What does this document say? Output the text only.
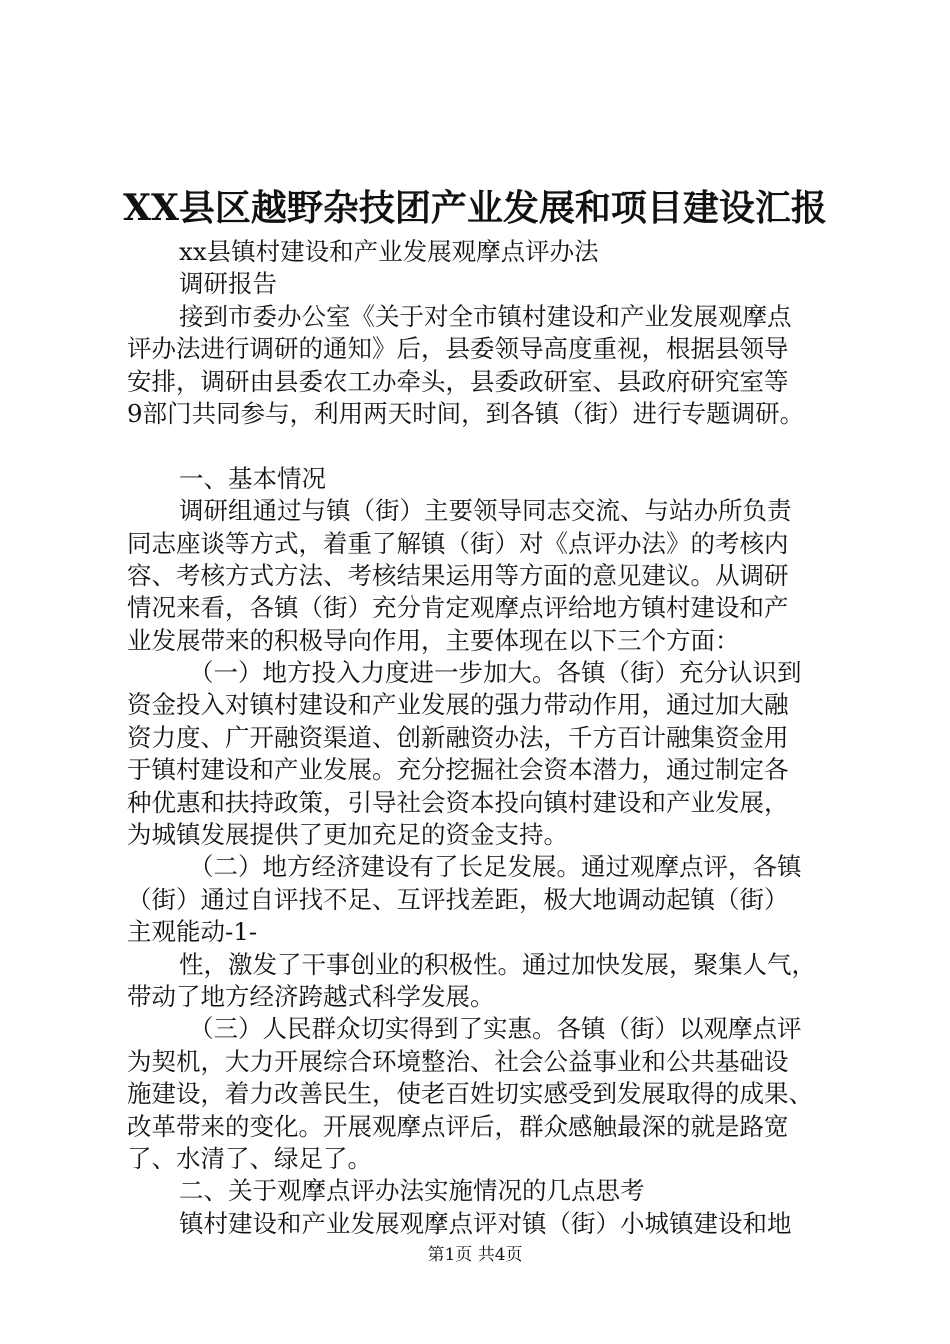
XX县区越野杂技团产业发展和项目建设汇报
xx县镇村建设和产业发展观摩点评办法
调研报告
接到市委办公室《关于对全市镇村建设和产业发展观摩点
评办法进行调研的通知》后，县委领导高度重视，根据县领导
安排，调研由县委农工办牵头，县委政研室、县政府研究室等
9部门共同参与，利用两天时间，到各镇（街）进行专题调研。
一、基本情况
调研组通过与镇（街）主要领导同志交流、与站办所负责
同志座谈等方式，着重了解镇（街）对《点评办法》的考核内
容、考核方式方法、考核结果运用等方面的意见建议。从调研
情况来看，各镇（街）充分肯定观摩点评给地方镇村建设和产
业发展带来的积极导向作用，主要体现在以下三个方面：
（一）地方投入力度进一步加大。各镇（街）充分认识到
资金投入对镇村建设和产业发展的强力带动作用，通过加大融
资力度、广开融资渠道、创新融资办法，千方百计融集资金用
于镇村建设和产业发展。充分挖掘社会资本潜力，通过制定各
种优惠和扶持政策，引导社会资本投向镇村建设和产业发展，
为城镇发展提供了更加充足的资金支持。
（二）地方经济建设有了长足发展。通过观摩点评，各镇
（街）通过自评找不足、互评找差距，极大地调动起镇（街）
主观能动-1-
性，激发了干事创业的积极性。通过加快发展，聚集人气，
带动了地方经济跨越式科学发展。
（三）人民群众切实得到了实惠。各镇（街）以观摩点评
为契机，大力开展综合环境整治、社会公益事业和公共基础设
施建设，着力改善民生，使老百姓切实感受到发展取得的成果、
改革带来的变化。开展观摩点评后，群众感触最深的就是路宽
了、水清了、绿足了。
二、关于观摩点评办法实施情况的几点思考
镇村建设和产业发展观摩点评对镇（街）小城镇建设和地
第1页 共4页
